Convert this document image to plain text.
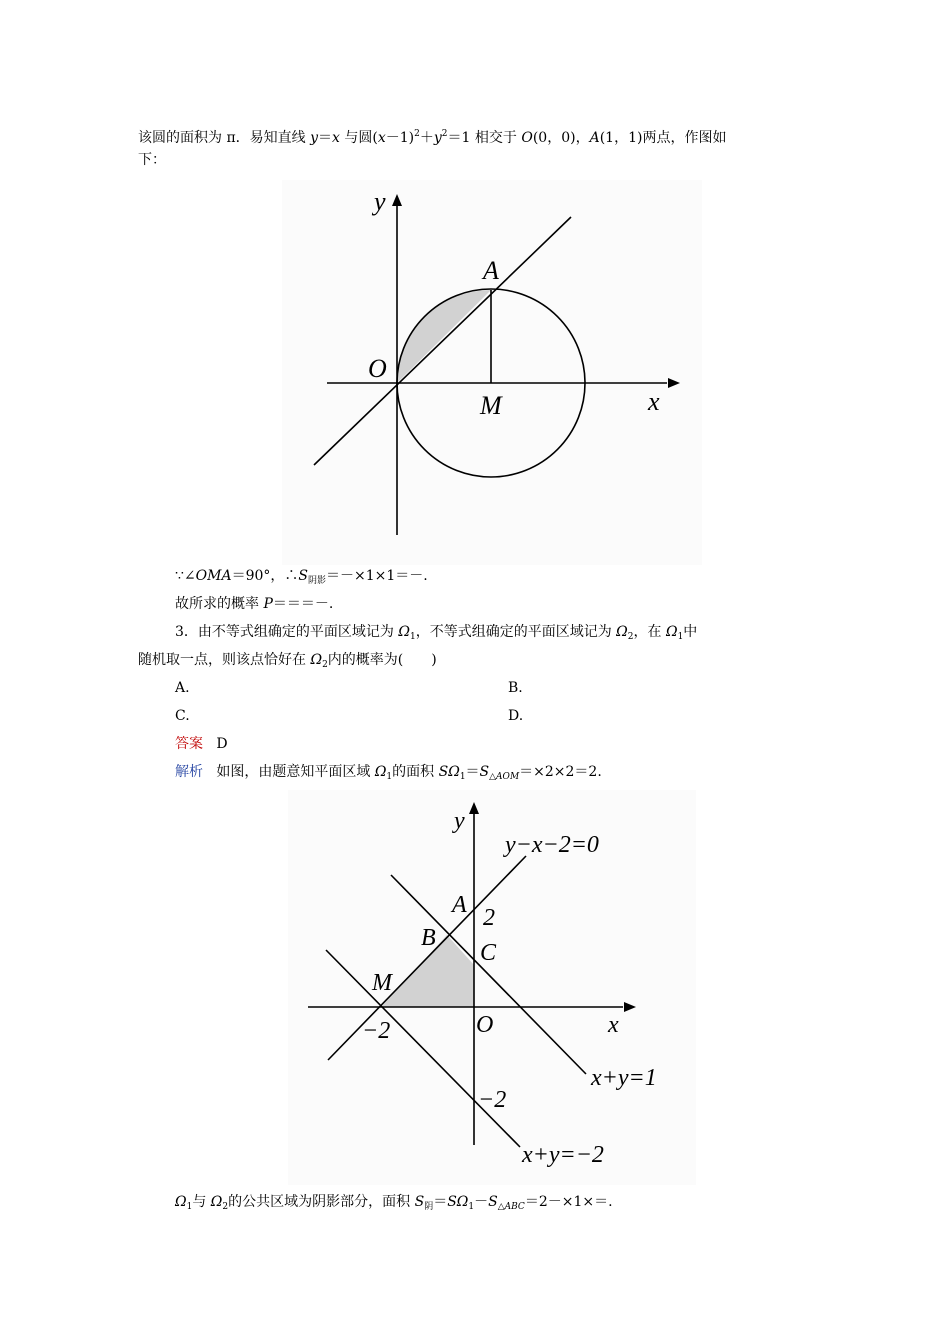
该圆的面积为 π．易知直线 y＝x 与圆$(x-1)^2+y^2=1$ 相交于 O(0，0)，A(1，1)两点，作图如
下：
y
x
A
O
M
∵∠OMA＝90°，$\therefore S_{阴影}=-\times 1\times 1=-$.
故所求的概率 P＝＝＝－.
3．由不等式组确定的平面区域记为 $\Omega_1$，不等式组确定的平面区域记为 $\Omega_2$，在 $\Omega_1$中
随机取一点，则该点恰好在 $\Omega_2$内的概率为(　　)
A.	B.
C.	D.
答案 D
解析 如图，由题意知平面区域 $\Omega_1$的面积 $S\Omega_1=S_{\triangle AOM}=\times 2\times 2=2$.
y
x
y−x−2=0
x+y=1
x+y=−2
A 2
B
C
M
−2	O
−2
$\Omega_1$与 $\Omega_2$的公共区域为阴影部分，面积 $S_阴=S\Omega_1-S_{\triangle ABC}=2-\times 1\times=$.
